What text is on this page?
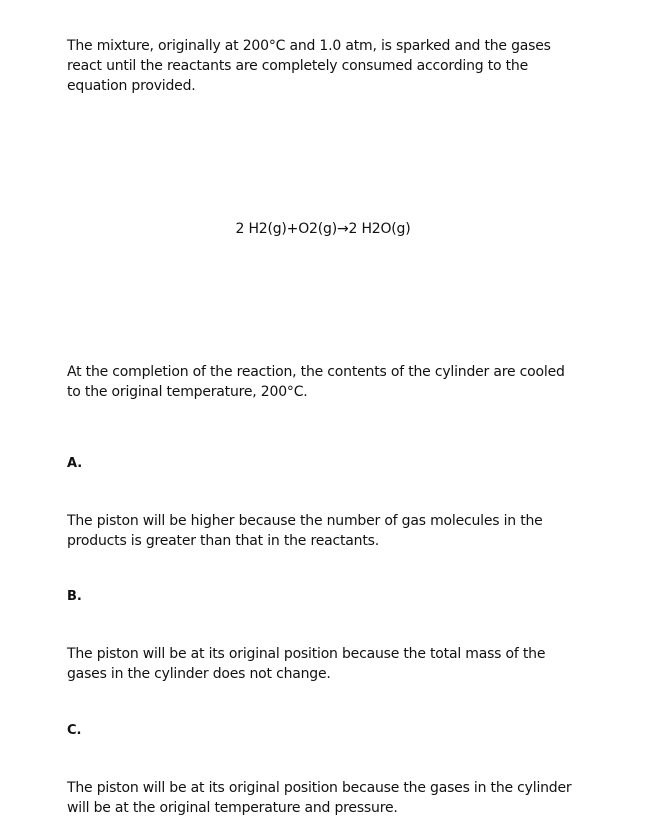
The mixture, originally at 200°C and 1.0 atm, is sparked and the gases react until the reactants are completely consumed according to the equation provided.

2 H2(g)+O2(g)→2 H2O(g)

At the completion of the reaction, the contents of the cylinder are cooled to the original temperature, 200°C.

A.

The piston will be higher because the number of gas molecules in the products is greater than that in the reactants.

B.

The piston will be at its original position because the total mass of the gases in the cylinder does not change.

C.

The piston will be at its original position because the gases in the cylinder will be at the original temperature and pressure.
